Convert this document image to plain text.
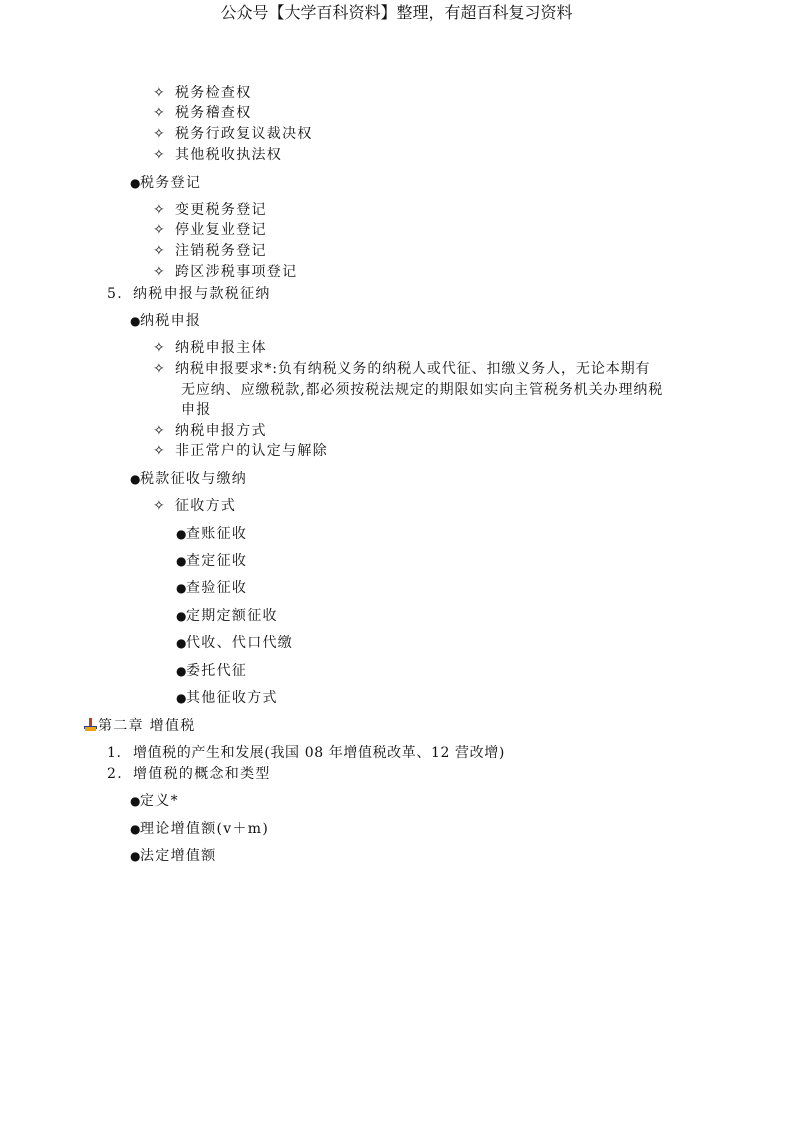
公众号【大学百科资料】整理，有超百科复习资料
✧ 税务检查权
✧ 税务稽查权
✧ 税务行政复议裁决权
✧ 其他税收执法权
●税务登记
✧ 变更税务登记
✧ 停业复业登记
✧ 注销税务登记
✧ 跨区涉税事项登记
5. 纳税申报与款税征纳
●纳税申报
✧ 纳税申报主体
✧ 纳税申报要求*:负有纳税义务的纳税人或代征、扣缴义务人，无论本期有
无应纳、应缴税款,都必须按税法规定的期限如实向主管税务机关办理纳税
申报
✧ 纳税申报方式
✧ 非正常户的认定与解除
●税款征收与缴纳
✧ 征收方式
●查账征收
●查定征收
●查验征收
●定期定额征收
●代收、代口代缴
●委托代征
●其他征收方式
第二章 增值税
1. 增值税的产生和发展(我国 08 年增值税改革、12 营改增)
2. 增值税的概念和类型
●定义*
●理论增值额(v＋m)
●法定增值额
